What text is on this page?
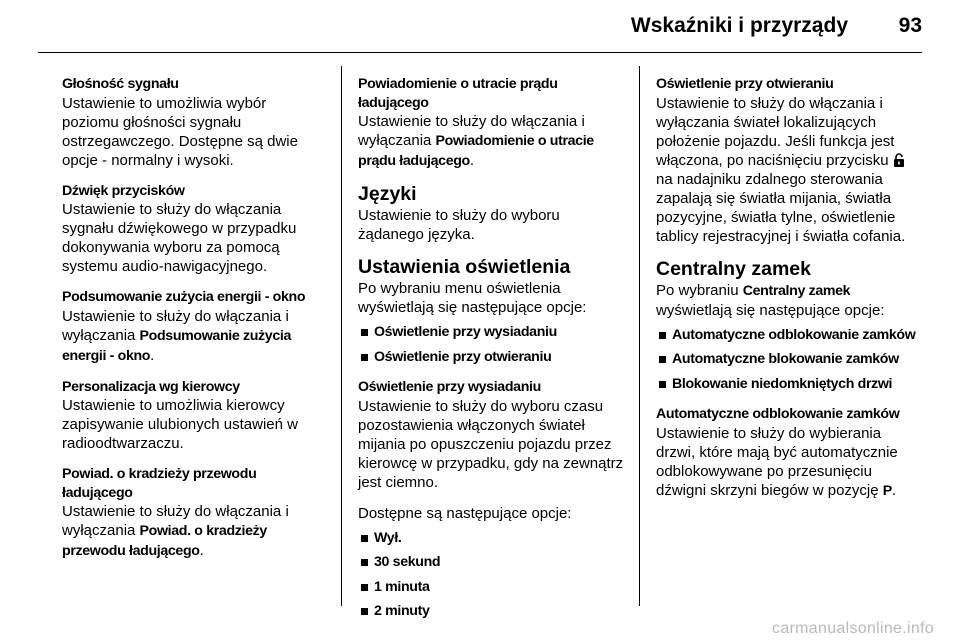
Wskaźniki i przyrządy 93

Głośność sygnału
Ustawienie to umożliwia wybór poziomu głośności sygnału ostrzegawczego. Dostępne są dwie opcje - normalny i wysoki.

Dźwięk przycisków
Ustawienie to służy do włączania sygnału dźwiękowego w przypadku dokonywania wyboru za pomocą systemu audio-nawigacyjnego.

Podsumowanie zużycia energii - okno
Ustawienie to służy do włączania i wyłączania Podsumowanie zużycia energii - okno.

Personalizacja wg kierowcy
Ustawienie to umożliwia kierowcy zapisywanie ulubionych ustawień w radioodtwarzaczu.

Powiad. o kradzieży przewodu ładującego
Ustawienie to służy do włączania i wyłączania Powiad. o kradzieży przewodu ładującego.

Powiadomienie o utracie prądu ładującego
Ustawienie to służy do włączania i wyłączania Powiadomienie o utracie prądu ładującego.

Języki
Ustawienie to służy do wyboru żądanego języka.

Ustawienia oświetlenia
Po wybraniu menu oświetlenia wyświetlają się następujące opcje:

Oświetlenie przy wysiadaniu
Oświetlenie przy otwieraniu

Oświetlenie przy wysiadaniu
Ustawienie to służy do wyboru czasu pozostawienia włączonych świateł mijania po opuszczeniu pojazdu przez kierowcę w przypadku, gdy na zewnątrz jest ciemno.

Dostępne są następujące opcje:

Wył.
30 sekund
1 minuta
2 minuty

Oświetlenie przy otwieraniu
Ustawienie to służy do włączania i wyłączania świateł lokalizujących położenie pojazdu. Jeśli funkcja jest włączona, po naciśnięciu przycisku  na nadajniku zdalnego sterowania zapalają się światła mijania, światła pozycyjne, światła tylne, oświetlenie tablicy rejestracyjnej i światła cofania.

Centralny zamek
Po wybraniu Centralny zamek wyświetlają się następujące opcje:

Automatyczne odblokowanie zamków
Automatyczne blokowanie zamków
Blokowanie niedomkniętych drzwi

Automatyczne odblokowanie zamków
Ustawienie to służy do wybierania drzwi, które mają być automatycznie odblokowywane po przesunięciu dźwigni skrzyni biegów w pozycję P.

carmanualsonline.info
